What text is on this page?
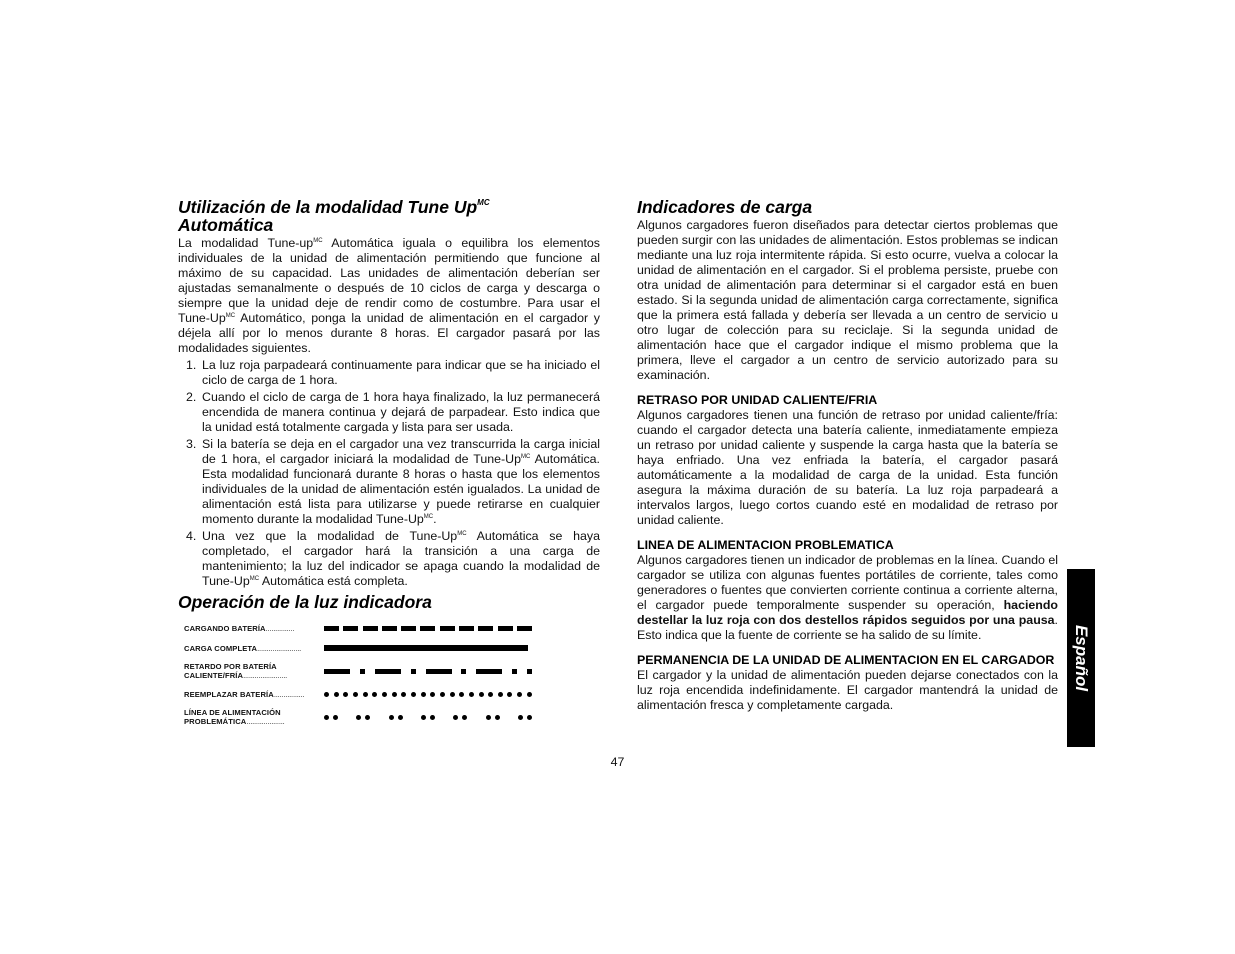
Utilización de la modalidad Tune $Up^{MC}$
Automática

La modalidad Tune-$up^{MC}$ Automática iguala o equilibra los elementos individuales de la unidad de alimentación permitiendo que funcione al máximo de su capacidad. Las unidades de alimentación deberían ser ajustadas semanalmente o después de 10 ciclos de carga y descarga o siempre que la unidad deje de rendir como de costumbre. Para usar el Tune-$Up^{MC}$ Automático, ponga la unidad de alimentación en el cargador y déjela allí por lo menos durante 8 horas. El cargador pasará por las modalidades siguientes.

1. La luz roja parpadeará continuamente para indicar que se ha iniciado el ciclo de carga de 1 hora.
2. Cuando el ciclo de carga de 1 hora haya finalizado, la luz permanecerá encendida de manera continua y dejará de parpadear. Esto indica que la unidad está totalmente cargada y lista para ser usada.
3. Si la batería se deja en el cargador una vez transcurrida la carga inicial de 1 hora, el cargador iniciará la modalidad de Tune-$Up^{MC}$ Automática. Esta modalidad funcionará durante 8 horas o hasta que los elementos individuales de la unidad de alimentación estén igualados. La unidad de alimentación está lista para utilizarse y puede retirarse en cualquier momento durante la modalidad Tune-$Up^{MC}$.
4. Una vez que la modalidad de Tune-$Up^{MC}$ Automática se haya completado, el cargador hará la transición a una carga de mantenimiento; la luz del indicador se apaga cuando la modalidad de Tune-$Up^{MC}$ Automática está completa.
Operación de la luz indicadora
CARGANDO BATERÍA...............
CARGA COMPLETA.......................
RETARDO POR BATERÍA CALIENTE/FRÍA.......................
REEMPLAZAR BATERÍA................
LÍNEA DE ALIMENTACIÓN PROBLEMÁTICA....................
Indicadores de carga

Algunos cargadores fueron diseñados para detectar ciertos problemas que pueden surgir con las unidades de alimentación. Estos problemas se indican mediante una luz roja intermitente rápida. Si esto ocurre, vuelva a colocar la unidad de alimentación en el cargador. Si el problema persiste, pruebe con otra unidad de alimentación para determinar si el cargador está en buen estado. Si la segunda unidad de alimentación carga correctamente, significa que la primera está fallada y debería ser llevada a un centro de servicio u otro lugar de colección para su reciclaje. Si la segunda unidad de alimentación hace que el cargador indique el mismo problema que la primera, lleve el cargador a un centro de servicio autorizado para su examinación.

RETRASO POR UNIDAD CALIENTE/FRIA

Algunos cargadores tienen una función de retraso por unidad caliente/fría: cuando el cargador detecta una batería caliente, inmediatamente empieza un retraso por unidad caliente y suspende la carga hasta que la batería se haya enfriado. Una vez enfriada la batería, el cargador pasará automáticamente a la modalidad de carga de la unidad. Esta función asegura la máxima duración de su batería. La luz roja parpadeará a intervalos largos, luego cortos cuando esté en modalidad de retraso por unidad caliente.

LINEA DE ALIMENTACION PROBLEMATICA

Algunos cargadores tienen un indicador de problemas en la línea. Cuando el cargador se utiliza con algunas fuentes portátiles de corriente, tales como generadores o fuentes que convierten corriente continua a corriente alterna, el cargador puede temporalmente suspender su operación, haciendo destellar la luz roja con dos destellos rápidos seguidos por una pausa. Esto indica que la fuente de corriente se ha salido de su límite.

PERMANENCIA DE LA UNIDAD DE ALIMENTACION EN EL CARGADOR

El cargador y la unidad de alimentación pueden dejarse conectados con la luz roja encendida indefinidamente. El cargador mantendrá la unidad de alimentación fresca y completamente cargada.

47
Español
